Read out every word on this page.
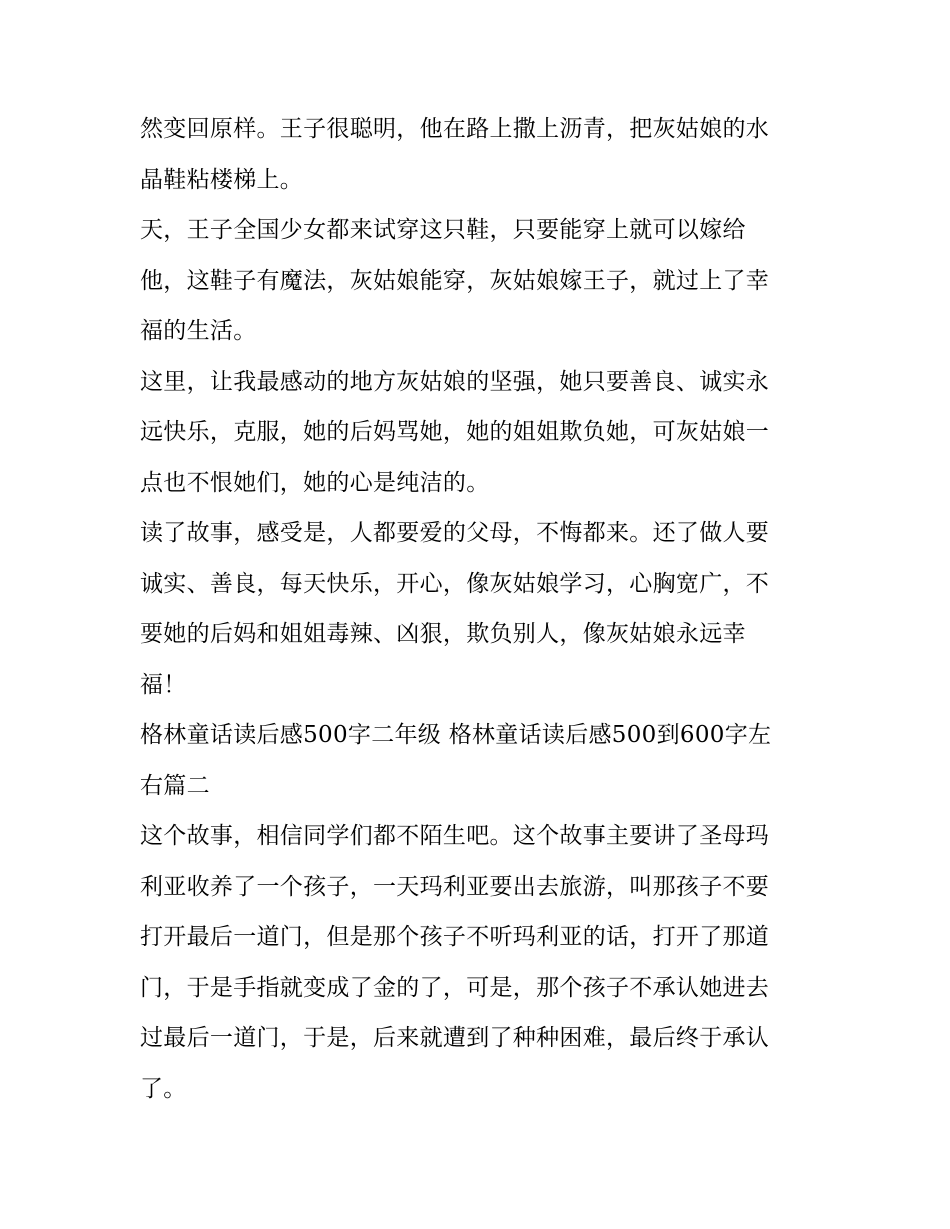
然变回原样。王子很聪明，他在路上撒上沥青，把灰姑娘的水
晶鞋粘楼梯上。

天，王子全国少女都来试穿这只鞋，只要能穿上就可以嫁给
他，这鞋子有魔法，灰姑娘能穿，灰姑娘嫁王子，就过上了幸
福的生活。

这里，让我最感动的地方灰姑娘的坚强，她只要善良、诚实永
远快乐，克服，她的后妈骂她，她的姐姐欺负她，可灰姑娘一
点也不恨她们，她的心是纯洁的。

读了故事，感受是，人都要爱的父母，不悔都来。还了做人要
诚实、善良，每天快乐，开心，像灰姑娘学习，心胸宽广，不
要她的后妈和姐姐毒辣、凶狠，欺负别人，像灰姑娘永远幸
福！

格林童话读后感500字二年级 格林童话读后感500到600字左
右篇二

这个故事，相信同学们都不陌生吧。这个故事主要讲了圣母玛
利亚收养了一个孩子，一天玛利亚要出去旅游，叫那孩子不要
打开最后一道门，但是那个孩子不听玛利亚的话，打开了那道
门，于是手指就变成了金的了，可是，那个孩子不承认她进去
过最后一道门，于是，后来就遭到了种种困难，最后终于承认
了。
